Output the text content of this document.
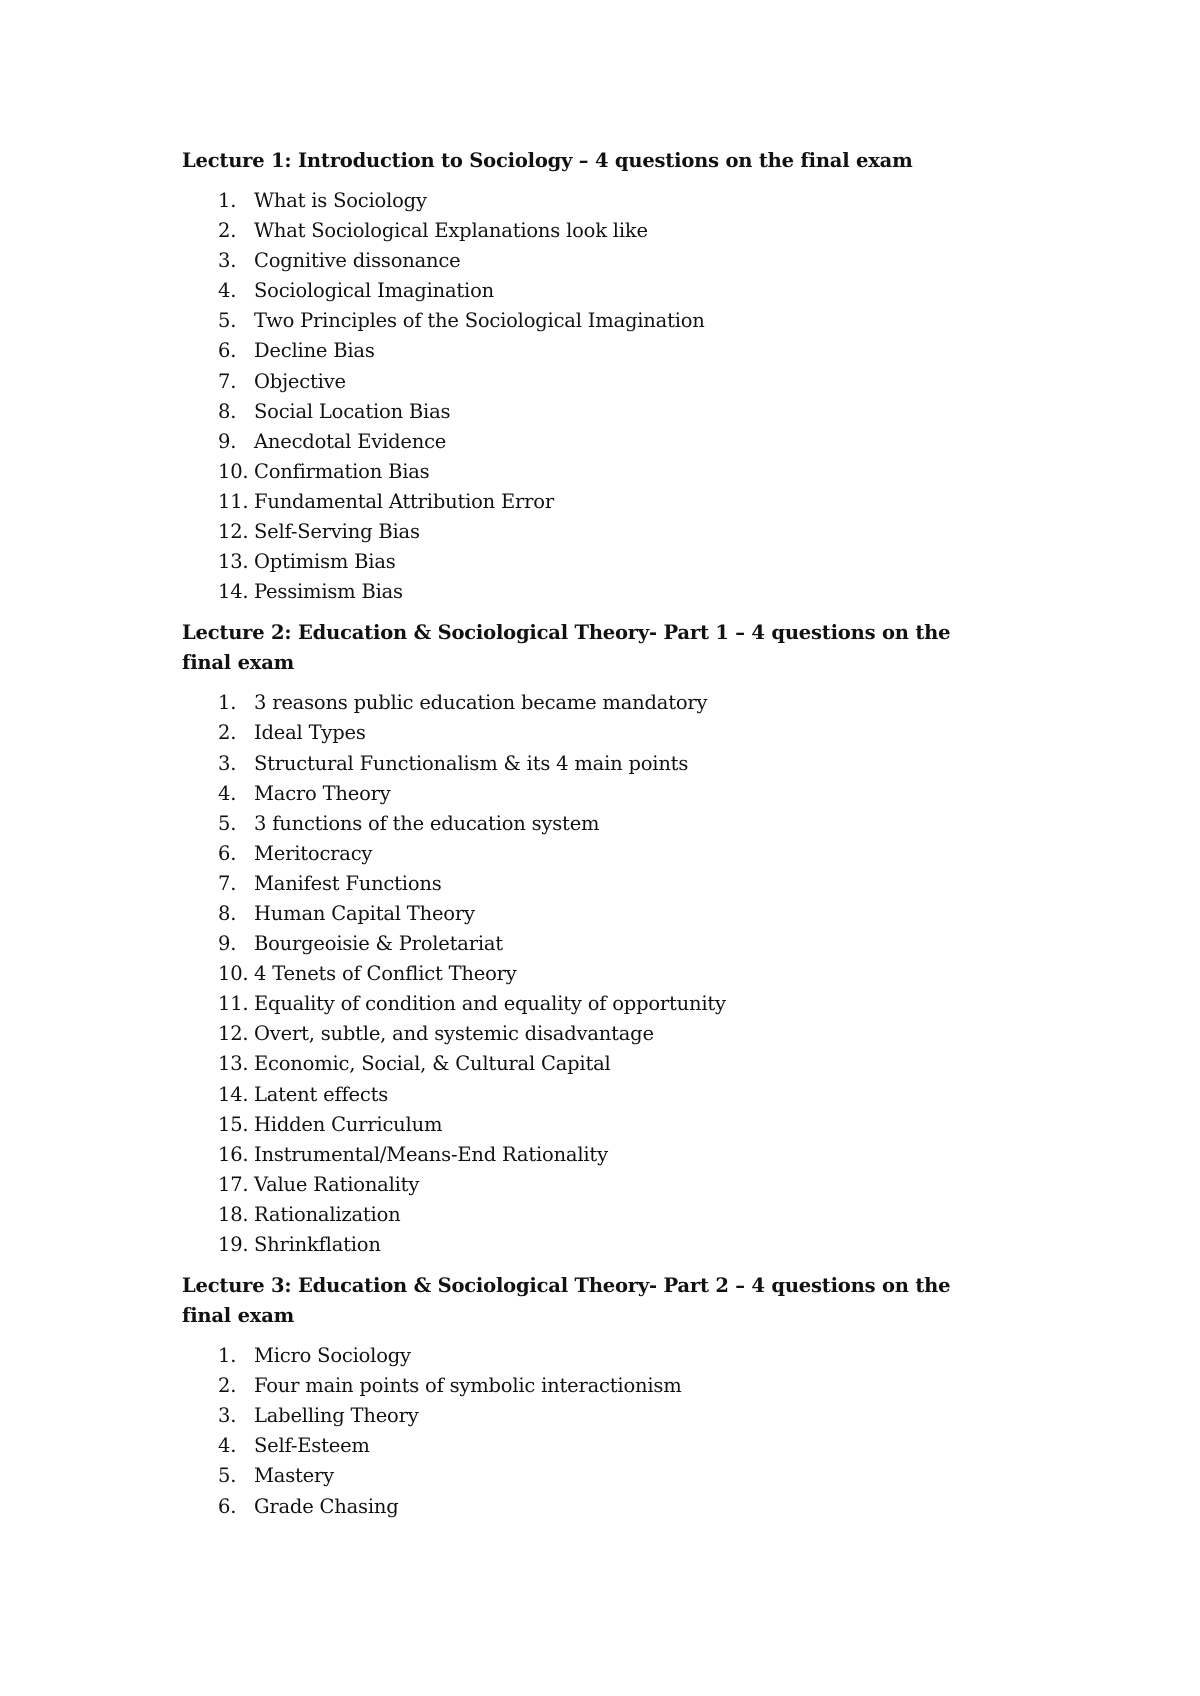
Lecture 1: Introduction to Sociology – 4 questions on the final exam
1. What is Sociology
2. What Sociological Explanations look like
3. Cognitive dissonance
4. Sociological Imagination
5. Two Principles of the Sociological Imagination
6. Decline Bias
7. Objective
8. Social Location Bias
9. Anecdotal Evidence
10. Confirmation Bias
11. Fundamental Attribution Error
12. Self-Serving Bias
13. Optimism Bias
14. Pessimism Bias
Lecture 2: Education & Sociological Theory- Part 1 – 4 questions on the final exam
1. 3 reasons public education became mandatory
2. Ideal Types
3. Structural Functionalism & its 4 main points
4. Macro Theory
5. 3 functions of the education system
6. Meritocracy
7. Manifest Functions
8. Human Capital Theory
9. Bourgeoisie & Proletariat
10. 4 Tenets of Conflict Theory
11. Equality of condition and equality of opportunity
12. Overt, subtle, and systemic disadvantage
13. Economic, Social, & Cultural Capital
14. Latent effects
15. Hidden Curriculum
16. Instrumental/Means-End Rationality
17. Value Rationality
18. Rationalization
19. Shrinkflation
Lecture 3: Education & Sociological Theory- Part 2 – 4 questions on the final exam
1. Micro Sociology
2. Four main points of symbolic interactionism
3. Labelling Theory
4. Self-Esteem
5. Mastery
6. Grade Chasing
